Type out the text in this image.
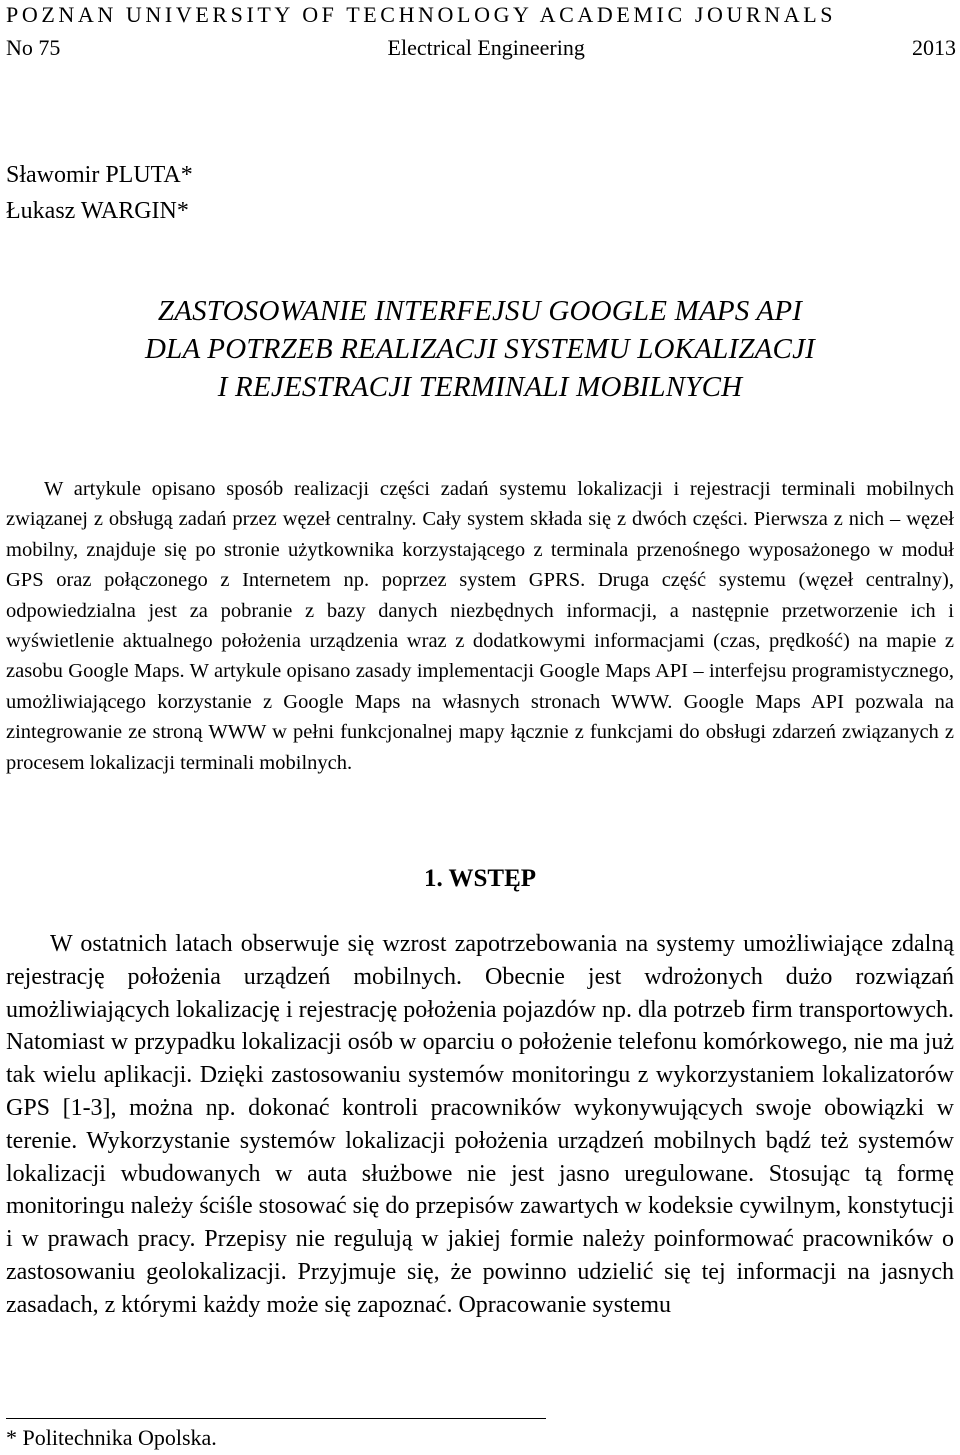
POZNAN UNIVERSITY OF TECHNOLOGY ACADEMIC JOURNALS
No 75	Electrical Engineering	2013
Sławomir PLUTA*
Łukasz WARGIN*
ZASTOSOWANIE INTERFEJSU GOOGLE MAPS API
DLA POTRZEB REALIZACJI SYSTEMU LOKALIZACJI
I REJESTRACJI TERMINALI MOBILNYCH

W artykule opisano sposób realizacji części zadań systemu lokalizacji i rejestracji terminali mobilnych związanej z obsługą zadań przez węzeł centralny. Cały system składa się z dwóch części. Pierwsza z nich – węzeł mobilny, znajduje się po stronie użytkownika korzystającego z terminala przenośnego wyposażonego w moduł GPS oraz połączonego z Internetem np. poprzez system GPRS. Druga część systemu (węzeł centralny), odpowiedzialna jest za pobranie z bazy danych niezbędnych informacji, a następnie przetworzenie ich i wyświetlenie aktualnego położenia urządzenia wraz z dodatkowymi informacjami (czas, prędkość) na mapie z zasobu Google Maps. W artykule opisano zasady implementacji Google Maps API – interfejsu programistycznego, umożliwiającego korzystanie z Google Maps na własnych stronach WWW. Google Maps API pozwala na zintegrowanie ze stroną WWW w pełni funkcjonalnej mapy łącznie z funkcjami do obsługi zdarzeń związanych z procesem lokalizacji terminali mobilnych.

1. WSTĘP

W ostatnich latach obserwuje się wzrost zapotrzebowania na systemy umożliwiające zdalną rejestrację położenia urządzeń mobilnych. Obecnie jest wdrożonych dużo rozwiązań umożliwiających lokalizację i rejestrację położenia pojazdów np. dla potrzeb firm transportowych. Natomiast w przypadku lokalizacji osób w oparciu o położenie telefonu komórkowego, nie ma już tak wielu aplikacji. Dzięki zastosowaniu systemów monitoringu z wykorzystaniem lokalizatorów GPS [1-3], można np. dokonać kontroli pracowników wykonywujących swoje obowiązki w terenie. Wykorzystanie systemów lokalizacji położenia urządzeń mobilnych bądź też systemów lokalizacji wbudowanych w auta służbowe nie jest jasno uregulowane. Stosując tą formę monitoringu należy ściśle stosować się do przepisów zawartych w kodeksie cywilnym, konstytucji i w prawach pracy. Przepisy nie regulują w jakiej formie należy poinformować pracowników o zastosowaniu geolokalizacji. Przyjmuje się, że powinno udzielić się tej informacji na jasnych zasadach, z którymi każdy może się zapoznać. Opracowanie systemu

* Politechnika Opolska.
